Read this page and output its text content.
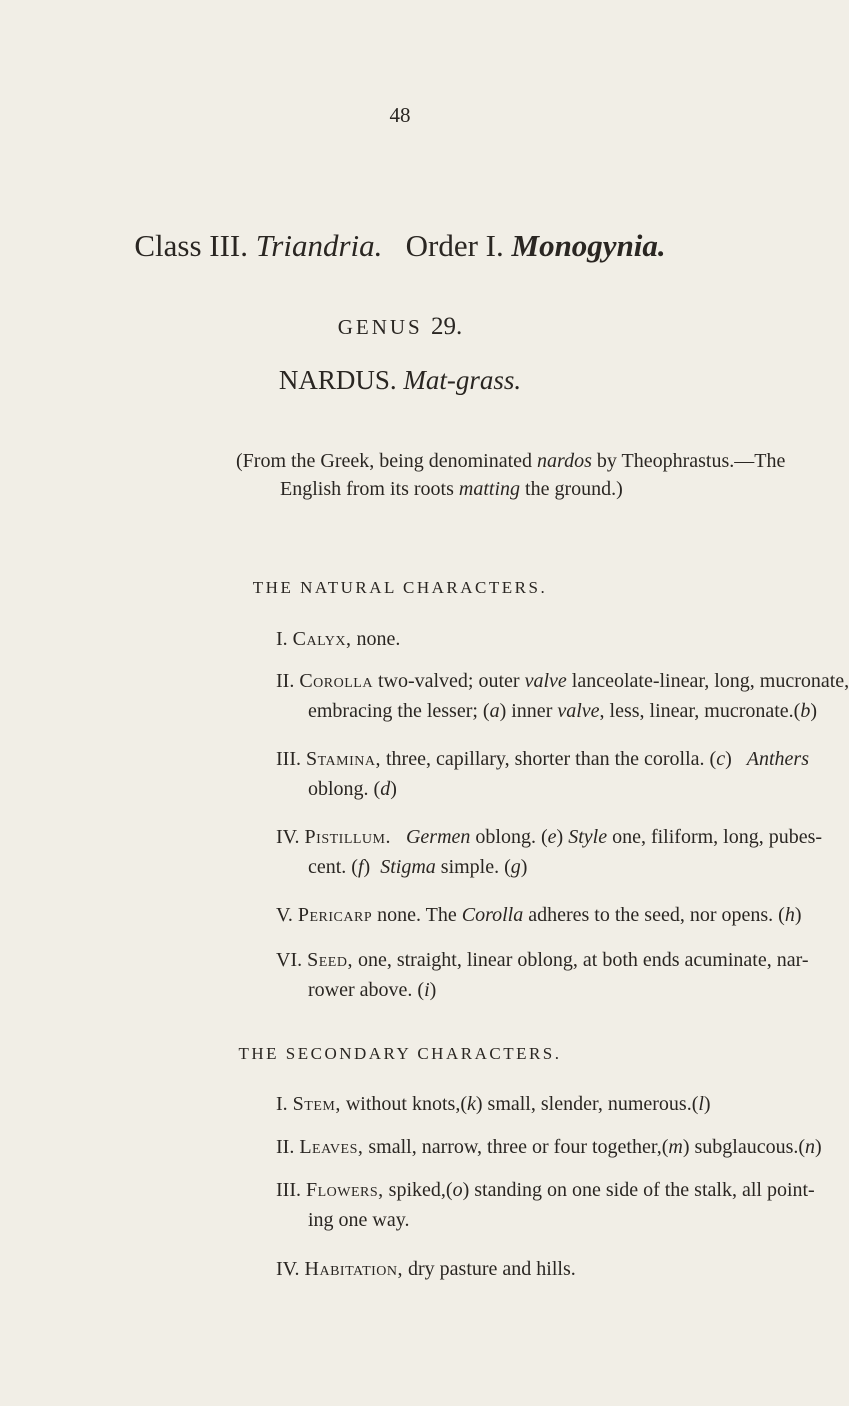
48
Class III. Triandria. Order I. Monogynia.
GENUS 29.
NARDUS. Mat-grass.
(From the Greek, being denominated nardos by Theophrastus.—The
English from its roots matting the ground.)
THE NATURAL CHARACTERS.
I. Calyx, none.
II. Corolla two-valved; outer valve lanceolate-linear, long, mucronate,
embracing the lesser; (a) inner valve, less, linear, mucronate.(b)
III. Stamina, three, capillary, shorter than the corolla. (c)   Anthers
oblong. (d)
IV. Pistillum. Germen oblong. (e) Style one, filiform, long, pubes-
cent. (f)  Stigma simple. (g)
V. Pericarp none. The Corolla adheres to the seed, nor opens. (h)
VI. Seed, one, straight, linear oblong, at both ends acuminate, nar-
rower above. (i)
THE SECONDARY CHARACTERS.
I. Stem, without knots,(k) small, slender, numerous.(l)
II. Leaves, small, narrow, three or four together,(m) subglaucous.(n)
III. Flowers, spiked,(o) standing on one side of the stalk, all point-
ing one way.
IV. Habitation, dry pasture and hills.
